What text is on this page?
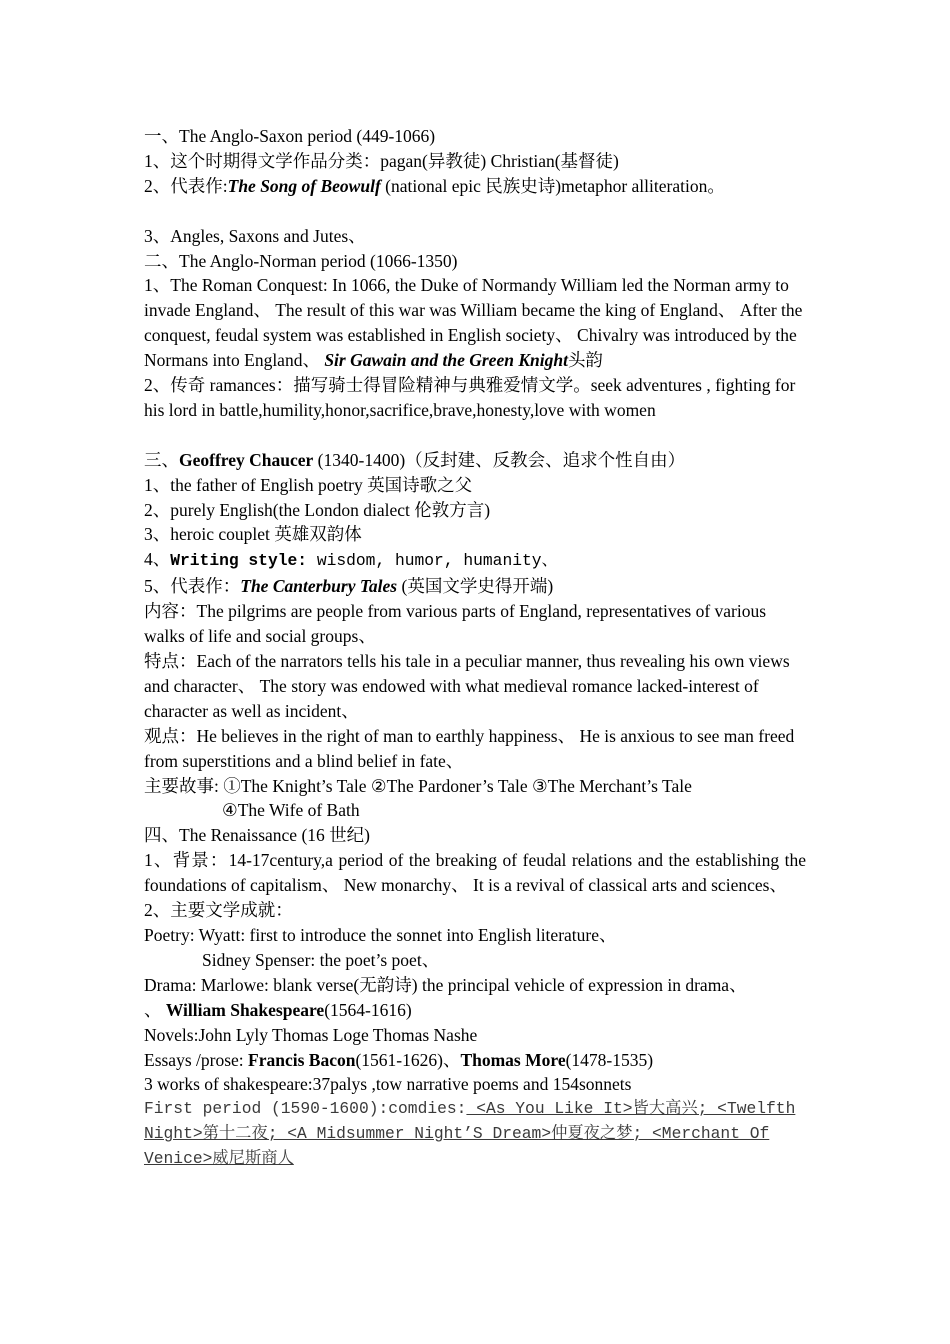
一、The Anglo-Saxon period (449-1066)
1、这个时期得文学作品分类：pagan(异教徒) Christian(基督徒)
2、代表作:The Song of Beowulf (national epic 民族史诗)metaphor alliteration。
3、Angles, Saxons and Jutes、
二、The Anglo-Norman period (1066-1350)
1、The Roman Conquest: In 1066, the Duke of Normandy William led the Norman army to invade England、 The result of this war was William became the king of England、 After the conquest, feudal system was established in English society、 Chivalry was introduced by the Normans into England、 Sir Gawain and the Green Knight头韵
2、传奇 ramances：描写骑士得冒险精神与典雅爱情文学。seek adventures , fighting for his lord in battle,humility,honor,sacrifice,brave,honesty,love with women
三、Geoffrey Chaucer (1340-1400)（反封建、反教会、追求个性自由）
1、the father of English poetry 英国诗歌之父
2、purely English(the London dialect 伦敦方言)
3、heroic couplet 英雄双韵体
4、Writing style: wisdom, humor, humanity、
5、代表作：The Canterbury Tales (英国文学史得开端)
内容：The pilgrims are people from various parts of England, representatives of various walks of life and social groups、
特点：Each of the narrators tells his tale in a peculiar manner, thus revealing his own views and character、 The story was endowed with what medieval romance lacked-interest of character as well as incident、
观点：He believes in the right of man to earthly happiness、 He is anxious to see man freed from superstitions and a blind belief in fate、
主要故事: ①The Knight’s Tale ②The Pardoner’s Tale ③The Merchant’s Tale
④The Wife of Bath
四、The Renaissance (16 世纪)
1、背景：14-17century,a period of the breaking of feudal relations and the establishing the foundations of capitalism、 New monarchy、 It is a revival of classical arts and sciences、
2、主要文学成就：
Poetry: Wyatt: first to introduce the sonnet into English literature、
Sidney Spenser: the poet’s poet、
Drama: Marlowe: blank verse(无韵诗) the principal vehicle of expression in drama、
、 William Shakespeare(1564-1616)
Novels:John Lyly Thomas Loge Thomas Nashe
Essays /prose: Francis Bacon(1561-1626)、Thomas More(1478-1535)
3 works of shakespeare:37palys ,tow narrative poems and 154sonnets
First period (1590-1600):comdies: <As You Like It>皆大高兴; <Twelfth Night>第十二夜; <A Midsummer Night’S Dream>仲夏夜之梦; <Merchant Of Venice>威尼斯商人
